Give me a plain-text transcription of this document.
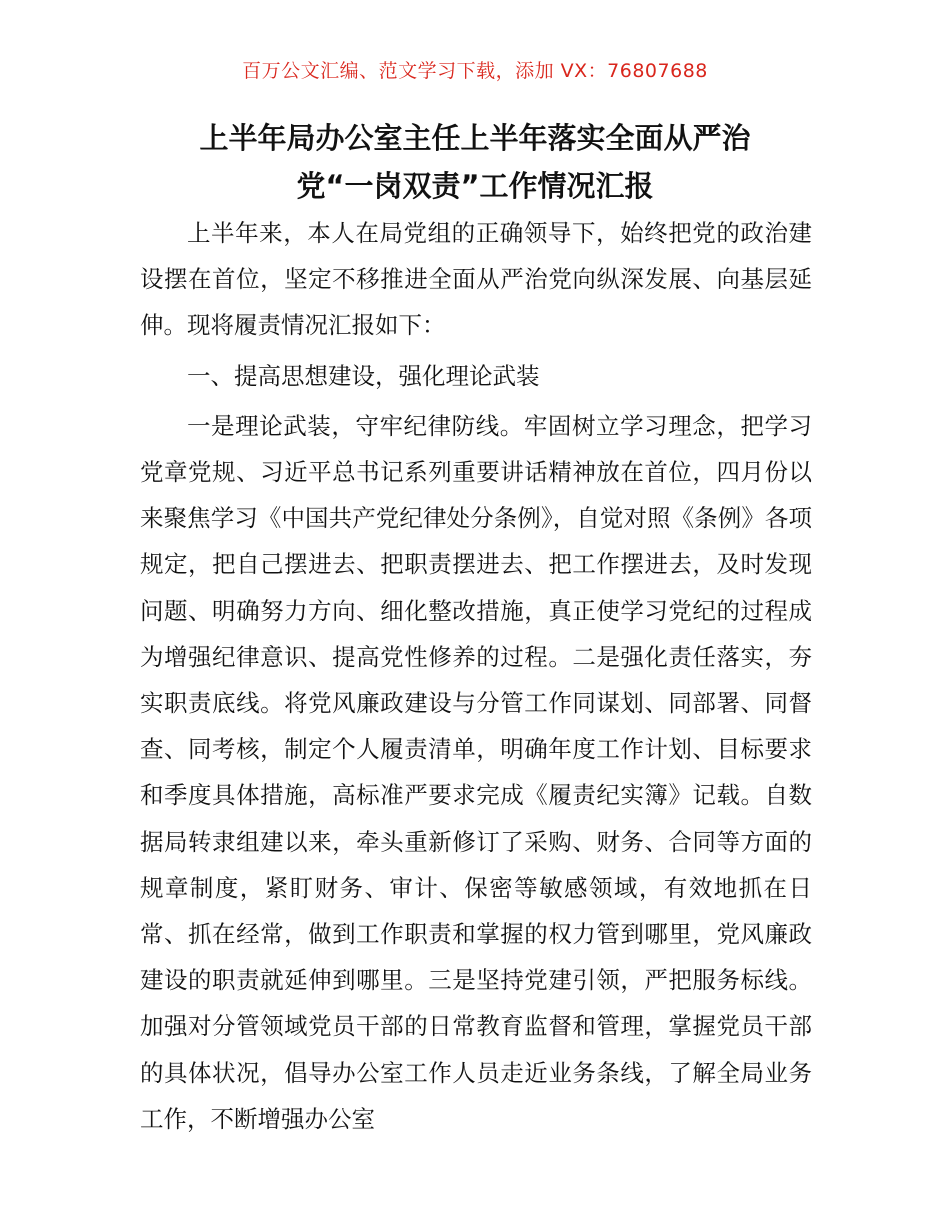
百万公文汇编、范文学习下载，添加 VX：76807688
上半年局办公室主任上半年落实全面从严治
党“一岗双责”工作情况汇报

上半年来，本人在局党组的正确领导下，始终把党的政治建设摆在首位，坚定不移推进全面从严治党向纵深发展、向基层延伸。现将履责情况汇报如下：

一、提高思想建设，强化理论武装

一是理论武装，守牢纪律防线。牢固树立学习理念，把学习党章党规、习近平总书记系列重要讲话精神放在首位，四月份以来聚焦学习《中国共产党纪律处分条例》，自觉对照《条例》各项规定，把自己摆进去、把职责摆进去、把工作摆进去，及时发现问题、明确努力方向、细化整改措施，真正使学习党纪的过程成为增强纪律意识、提高党性修养的过程。二是强化责任落实，夯实职责底线。将党风廉政建设与分管工作同谋划、同部署、同督查、同考核，制定个人履责清单，明确年度工作计划、目标要求和季度具体措施，高标准严要求完成《履责纪实簿》记载。自数据局转隶组建以来，牵头重新修订了采购、财务、合同等方面的规章制度，紧盯财务、审计、保密等敏感领域，有效地抓在日常、抓在经常，做到工作职责和掌握的权力管到哪里，党风廉政建设的职责就延伸到哪里。三是坚持党建引领，严把服务标线。加强对分管领域党员干部的日常教育监督和管理，掌握党员干部的具体状况，倡导办公室工作人员走近业务条线，了解全局业务工作，不断增强办公室
